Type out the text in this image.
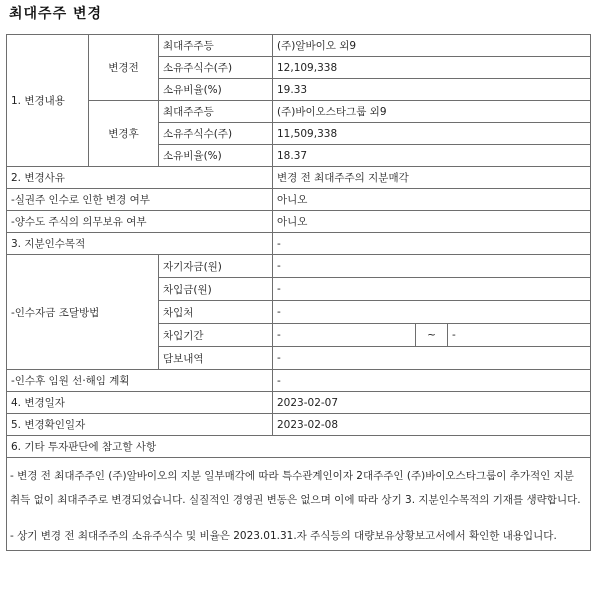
최대주주 변경
1. 변경내용	변경전	최대주주등	(주)알바이오 외9		
		소유주식수(주)	12,109,338		
		소유비율(%)	19.33		
	변경후	최대주주등	(주)바이오스타그룹 외9		
		소유주식수(주)	11,509,338		
		소유비율(%)	18.37		
2. 변경사유			변경 전 최대주주의 지분매각		
-실권주 인수로 인한 변경 여부			아니오		
-양수도 주식의 의무보유 여부			아니오		
3. 지분인수목적			-		
-인수자금 조달방법		자기자금(원)	-		
		차입금(원)	-		
		차입처	-		
		차입기간	-	~	-
		담보내역	-		
-인수후 임원 선·해임 계획			-		
4. 변경일자			2023-02-07		
5. 변경확인일자			2023-02-08		
6. 기타 투자판단에 참고할 사항					

- 변경 전 최대주주인 (주)알바이오의 지분 일부매각에 따라 특수관계인이자 2대주주인 (주)바이오스타그룹이 추가적인 지분 취득 없이 최대주주로 변경되었습니다. 실질적인 경영권 변동은 없으며 이에 따라 상기 3. 지분인수목적의 기재를 생략합니다.

- 상기 변경 전 최대주주의 소유주식수 및 비율은 2023.01.31.자 주식등의 대량보유상황보고서에서 확인한 내용입니다.					
